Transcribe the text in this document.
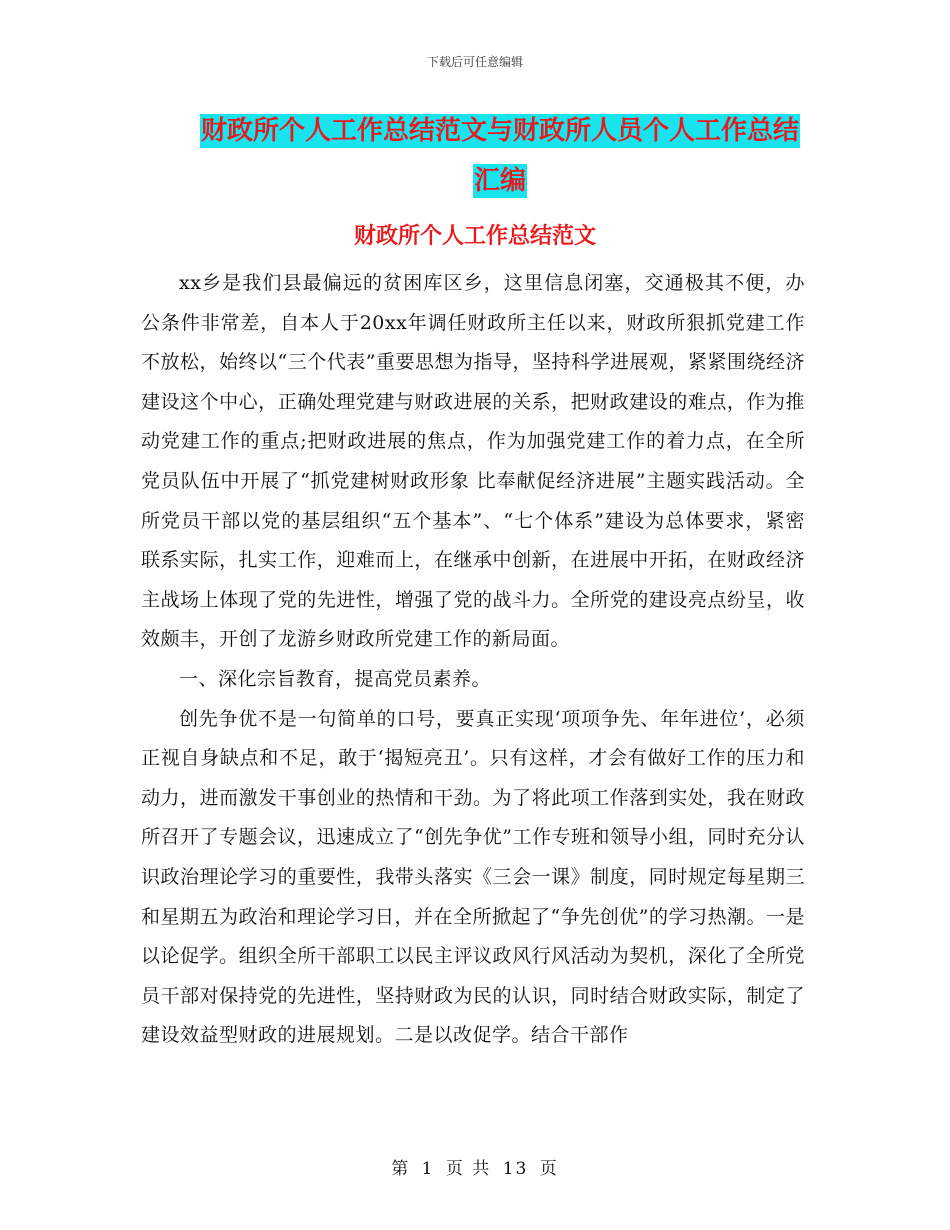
下载后可任意编辑
财政所个人工作总结范文与财政所人员个人工作总结
汇编
财政所个人工作总结范文

xx乡是我们县最偏远的贫困库区乡，这里信息闭塞，交通极其不便，办公条件非常差，自本人于20xx年调任财政所主任以来，财政所狠抓党建工作不放松，始终以“三个代表”重要思想为指导，坚持科学进展观，紧紧围绕经济建设这个中心，正确处理党建与财政进展的关系，把财政建设的难点，作为推动党建工作的重点;把财政进展的焦点，作为加强党建工作的着力点，在全所党员队伍中开展了“抓党建树财政形象 比奉献促经济进展”主题实践活动。全所党员干部以党的基层组织“五个基本”、“七个体系”建设为总体要求，紧密联系实际，扎实工作，迎难而上，在继承中创新，在进展中开拓，在财政经济主战场上体现了党的先进性，增强了党的战斗力。全所党的建设亮点纷呈，收效颇丰，开创了龙游乡财政所党建工作的新局面。

一、深化宗旨教育，提高党员素养。

创先争优不是一句简单的口号，要真正实现‘项项争先、年年进位’，必须正视自身缺点和不足，敢于‘揭短亮丑’。只有这样，才会有做好工作的压力和动力，进而激发干事创业的热情和干劲。为了将此项工作落到实处，我在财政所召开了专题会议，迅速成立了“创先争优”工作专班和领导小组，同时充分认识政治理论学习的重要性，我带头落实《三会一课》制度，同时规定每星期三和星期五为政治和理论学习日，并在全所掀起了“争先创优”的学习热潮。一是以论促学。组织全所干部职工以民主评议政风行风活动为契机，深化了全所党员干部对保持党的先进性，坚持财政为民的认识，同时结合财政实际，制定了建设效益型财政的进展规划。二是以改促学。结合干部作

第 1 页 共 13 页
